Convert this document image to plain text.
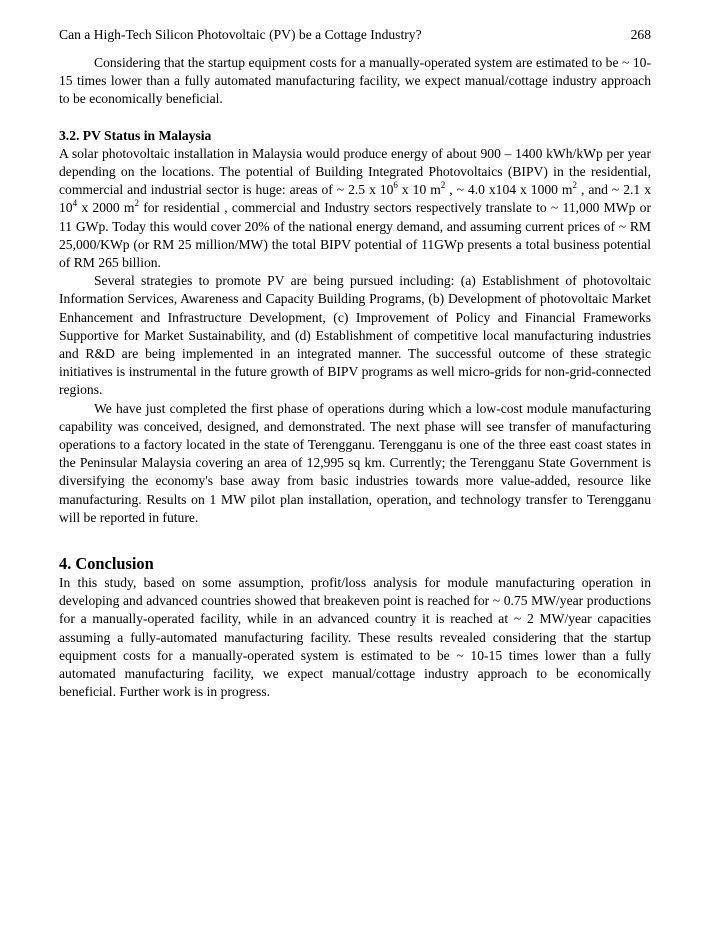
Can a High-Tech Silicon Photovoltaic (PV) be a Cottage Industry?	268

Considering that the startup equipment costs for a manually-operated system are estimated to be ~ 10-15 times lower than a fully automated manufacturing facility, we expect manual/cottage industry approach to be economically beneficial.

3.2. PV Status in Malaysia

A solar photovoltaic installation in Malaysia would produce energy of about 900 – 1400 kWh/kWp per year depending on the locations. The potential of Building Integrated Photovoltaics (BIPV) in the residential, commercial and industrial sector is huge: areas of ~ 2.5 x $10^6$ x 10 $m^2$ , ~ 4.0 x104 x 1000 $m^2$ , and ~ 2.1 x $10^4$ x 2000 $m^2$ for residential , commercial and Industry sectors respectively translate to ~ 11,000 MWp or 11 GWp. Today this would cover 20% of the national energy demand, and assuming current prices of ~ RM 25,000/KWp (or RM 25 million/MW) the total BIPV potential of 11GWp presents a total business potential of RM 265 billion.

Several strategies to promote PV are being pursued including: (a) Establishment of photovoltaic Information Services, Awareness and Capacity Building Programs, (b) Development of photovoltaic Market Enhancement and Infrastructure Development, (c) Improvement of Policy and Financial Frameworks Supportive for Market Sustainability, and (d) Establishment of competitive local manufacturing industries and R&D are being implemented in an integrated manner. The successful outcome of these strategic initiatives is instrumental in the future growth of BIPV programs as well micro-grids for non-grid-connected regions.

We have just completed the first phase of operations during which a low-cost module manufacturing capability was conceived, designed, and demonstrated. The next phase will see transfer of manufacturing operations to a factory located in the state of Terengganu. Terengganu is one of the three east coast states in the Peninsular Malaysia covering an area of 12,995 sq km. Currently; the Terengganu State Government is diversifying the economy's base away from basic industries towards more value-added, resource like manufacturing. Results on 1 MW pilot plan installation, operation, and technology transfer to Terengganu will be reported in future.

4. Conclusion

In this study, based on some assumption, profit/loss analysis for module manufacturing operation in developing and advanced countries showed that breakeven point is reached for ~ 0.75 MW/year productions for a manually-operated facility, while in an advanced country it is reached at ~ 2 MW/year capacities assuming a fully-automated manufacturing facility. These results revealed considering that the startup equipment costs for a manually-operated system is estimated to be ~ 10-15 times lower than a fully automated manufacturing facility, we expect manual/cottage industry approach to be economically beneficial. Further work is in progress.
